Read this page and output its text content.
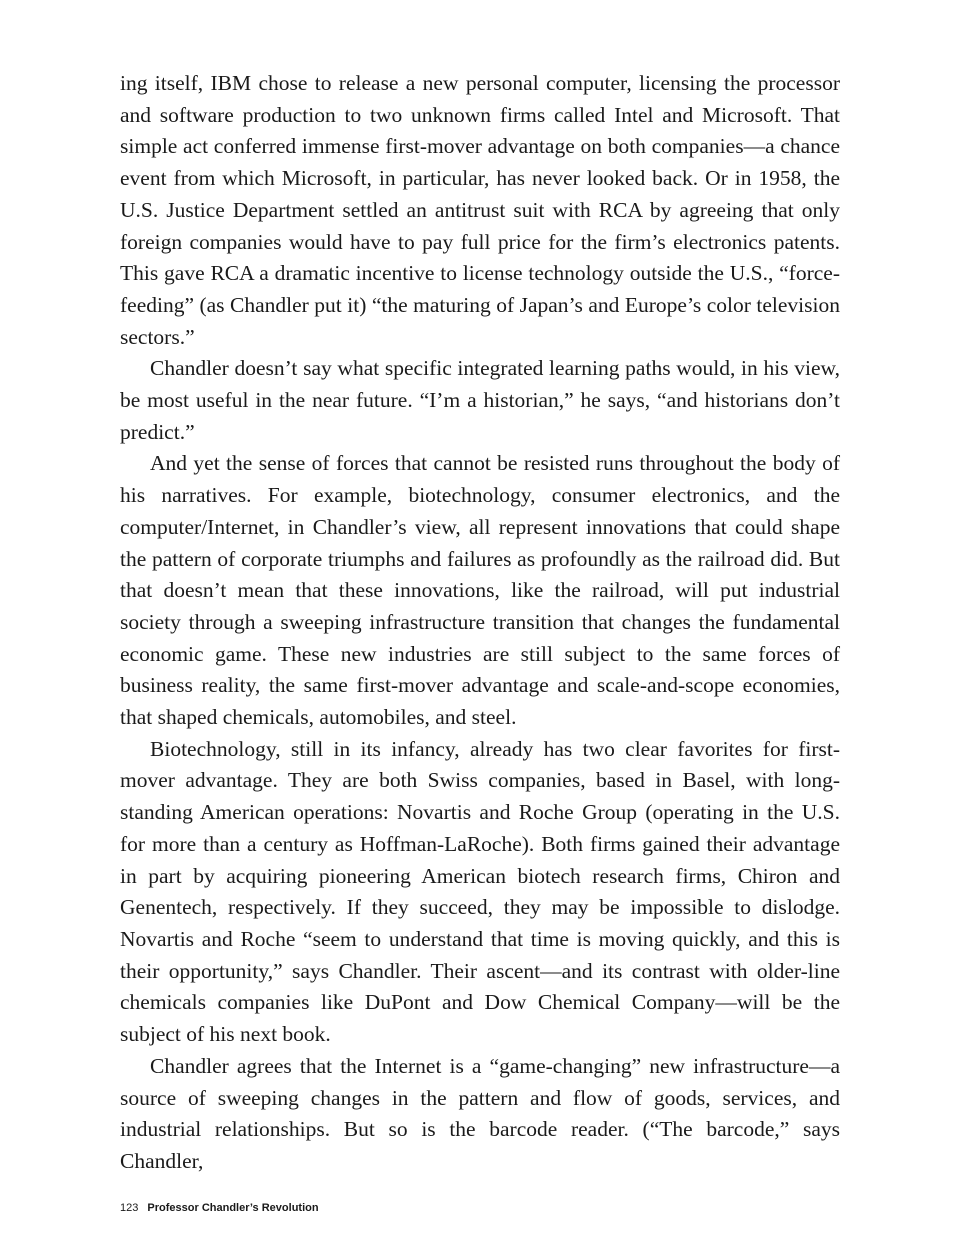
ing itself, IBM chose to release a new personal computer, licensing the processor and software production to two unknown firms called Intel and Microsoft. That simple act conferred immense first-mover advantage on both companies—a chance event from which Microsoft, in particular, has never looked back. Or in 1958, the U.S. Justice Department settled an antitrust suit with RCA by agreeing that only foreign companies would have to pay full price for the firm’s electronics patents. This gave RCA a dramatic incentive to license technology outside the U.S., “force-feeding” (as Chandler put it) “the maturing of Japan’s and Europe’s color television sectors.”

Chandler doesn’t say what specific integrated learning paths would, in his view, be most useful in the near future. “I’m a historian,” he says, “and historians don’t predict.”

And yet the sense of forces that cannot be resisted runs throughout the body of his narratives. For example, biotechnology, consumer electronics, and the computer/Internet, in Chandler’s view, all represent innovations that could shape the pattern of corporate triumphs and failures as profoundly as the railroad did. But that doesn’t mean that these innovations, like the railroad, will put industrial society through a sweeping infrastructure transition that changes the fundamental economic game. These new industries are still subject to the same forces of business reality, the same first-mover advantage and scale-and-scope economies, that shaped chemicals, automobiles, and steel.

Biotechnology, still in its infancy, already has two clear favorites for first-mover advantage. They are both Swiss companies, based in Basel, with long-standing American operations: Novartis and Roche Group (operating in the U.S. for more than a century as Hoffman-LaRoche). Both firms gained their advantage in part by acquiring pioneering American biotech research firms, Chiron and Genentech, respectively. If they succeed, they may be impossible to dislodge. Novartis and Roche “seem to understand that time is moving quickly, and this is their opportunity,” says Chandler. Their ascent—and its contrast with older-line chemicals companies like DuPont and Dow Chemical Company—will be the subject of his next book.

Chandler agrees that the Internet is a “game-changing” new infrastructure—a source of sweeping changes in the pattern and flow of goods, services, and industrial relationships. But so is the barcode reader. (“The barcode,” says Chandler,

123 Professor Chandler’s Revolution
